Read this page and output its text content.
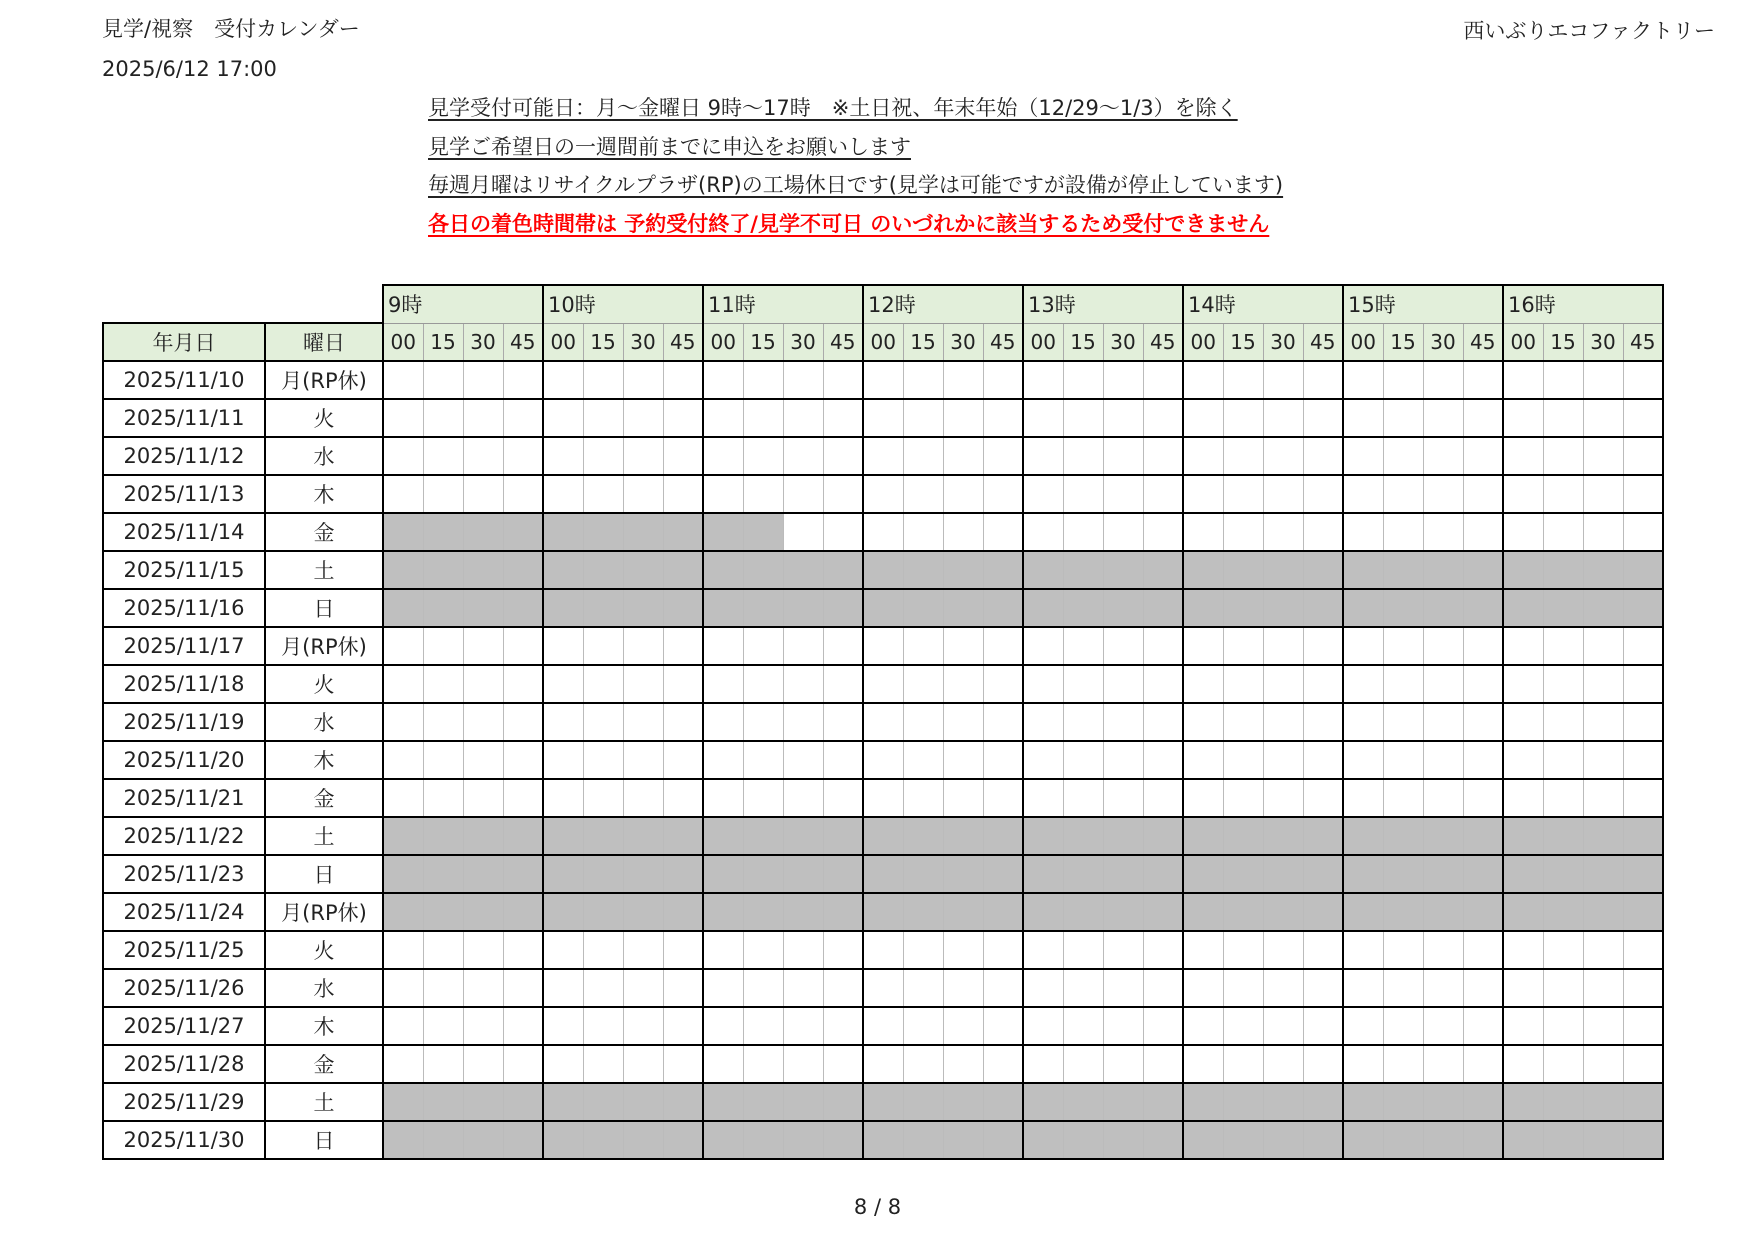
見学/視察　受付カレンダー
2025/6/12 17:00
西いぶりエコファクトリー
見学受付可能日：月～金曜日 9時～17時　※土日祝、年末年始（12/29～1/3）を除く
見学ご希望日の一週間前までに申込をお願いします
毎週月曜はリサイクルプラザ(RP)の工場休日です(見学は可能ですが設備が停止しています)
各日の着色時間帯は 予約受付終了/見学不可日 のいづれかに該当するため受付できません
		9時				10時				11時				12時				13時				14時				15時				16時			
年月日	曜日	00	15	30	45	00	15	30	45	00	15	30	45	00	15	30	45	00	15	30	45	00	15	30	45	00	15	30	45	00	15	30	45
2025/11/10	月(RP休)																																
2025/11/11	火																																
2025/11/12	水																																
2025/11/13	木																																
2025/11/14	金																																
2025/11/15	土																																
2025/11/16	日																																
2025/11/17	月(RP休)																																
2025/11/18	火																																
2025/11/19	水																																
2025/11/20	木																																
2025/11/21	金																																
2025/11/22	土																																
2025/11/23	日																																
2025/11/24	月(RP休)																																
2025/11/25	火																																
2025/11/26	水																																
2025/11/27	木																																
2025/11/28	金																																
2025/11/29	土																																
2025/11/30	日																																
8 / 8
